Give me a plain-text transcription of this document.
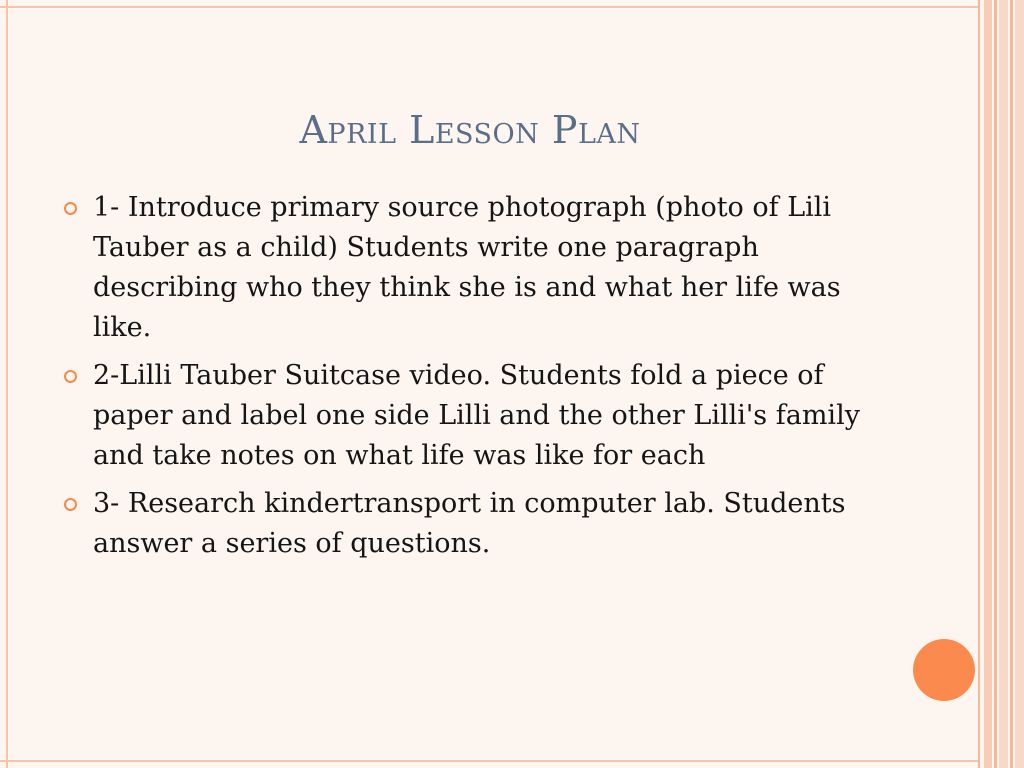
April Lesson Plan
1- Introduce primary source photograph (photo of Lili Tauber as a child) Students write one paragraph describing who they think she is and what her life was like.
2-Lilli Tauber Suitcase video. Students fold a piece of paper and label one side Lilli and the other Lilli's family and take notes on what life was like for each
3- Research kindertransport in computer lab. Students answer a series of questions.
